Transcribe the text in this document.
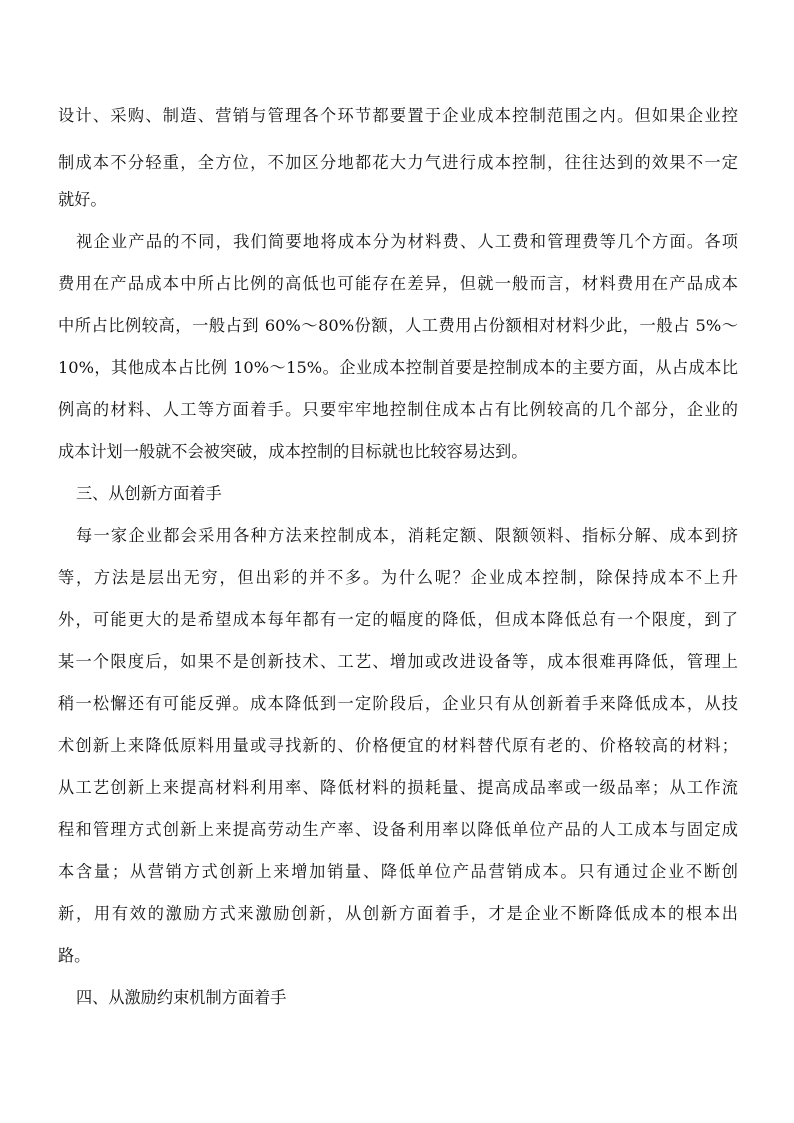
设计、采购、制造、营销与管理各个环节都要置于企业成本控制范围之内。但如果企业控
制成本不分轻重，全方位，不加区分地都花大力气进行成本控制，往往达到的效果不一定
就好。
视企业产品的不同，我们简要地将成本分为材料费、人工费和管理费等几个方面。各项
费用在产品成本中所占比例的高低也可能存在差异，但就一般而言，材料费用在产品成本
中所占比例较高，一般占到 60%～80%份额，人工费用占份额相对材料少此，一般占 5%～
10%，其他成本占比例 10%～15%。企业成本控制首要是控制成本的主要方面，从占成本比
例高的材料、人工等方面着手。只要牢牢地控制住成本占有比例较高的几个部分，企业的
成本计划一般就不会被突破，成本控制的目标就也比较容易达到。
三、从创新方面着手
每一家企业都会采用各种方法来控制成本，消耗定额、限额领料、指标分解、成本到挤
等，方法是层出无穷，但出彩的并不多。为什么呢？企业成本控制，除保持成本不上升
外，可能更大的是希望成本每年都有一定的幅度的降低，但成本降低总有一个限度，到了
某一个限度后，如果不是创新技术、工艺、增加或改进设备等，成本很难再降低，管理上
稍一松懈还有可能反弹。成本降低到一定阶段后，企业只有从创新着手来降低成本，从技
术创新上来降低原料用量或寻找新的、价格便宜的材料替代原有老的、价格较高的材料；
从工艺创新上来提高材料利用率、降低材料的损耗量、提高成品率或一级品率；从工作流
程和管理方式创新上来提高劳动生产率、设备利用率以降低单位产品的人工成本与固定成
本含量；从营销方式创新上来增加销量、降低单位产品营销成本。只有通过企业不断创
新，用有效的激励方式来激励创新，从创新方面着手，才是企业不断降低成本的根本出
路。
四、从激励约束机制方面着手
